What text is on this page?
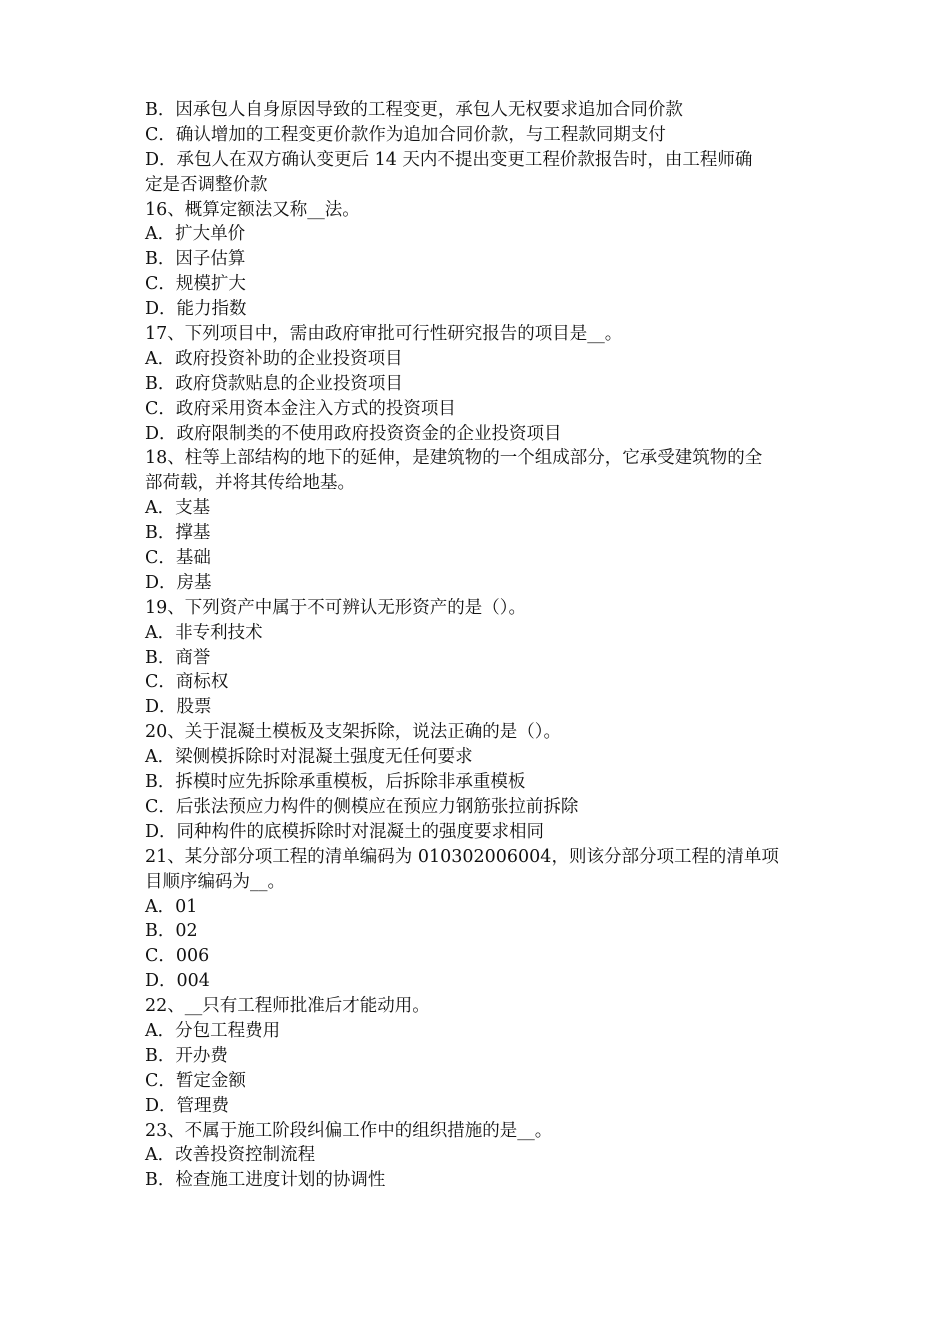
B．因承包人自身原因导致的工程变更，承包人无权要求追加合同价款
C．确认增加的工程变更价款作为追加合同价款，与工程款同期支付
D．承包人在双方确认变更后 14 天内不提出变更工程价款报告时，由工程师确
定是否调整价款
16、概算定额法又称__法。
A．扩大单价
B．因子估算
C．规模扩大
D．能力指数
17、下列项目中，需由政府审批可行性研究报告的项目是__。
A．政府投资补助的企业投资项目
B．政府贷款贴息的企业投资项目
C．政府采用资本金注入方式的投资项目
D．政府限制类的不使用政府投资资金的企业投资项目
18、柱等上部结构的地下的延伸，是建筑物的一个组成部分，它承受建筑物的全
部荷载，并将其传给地基。
A．支基
B．撑基
C．基础
D．房基
19、下列资产中属于不可辨认无形资产的是（）。
A．非专利技术
B．商誉
C．商标权
D．股票
20、关于混凝土模板及支架拆除，说法正确的是（）。
A．梁侧模拆除时对混凝土强度无任何要求
B．拆模时应先拆除承重模板，后拆除非承重模板
C．后张法预应力构件的侧模应在预应力钢筋张拉前拆除
D．同种构件的底模拆除时对混凝土的强度要求相同
21、某分部分项工程的清单编码为 010302006004，则该分部分项工程的清单项
目顺序编码为__。
A．01
B．02
C．006
D．004
22、__只有工程师批准后才能动用。
A．分包工程费用
B．开办费
C．暂定金额
D．管理费
23、不属于施工阶段纠偏工作中的组织措施的是__。
A．改善投资控制流程
B．检查施工进度计划的协调性
